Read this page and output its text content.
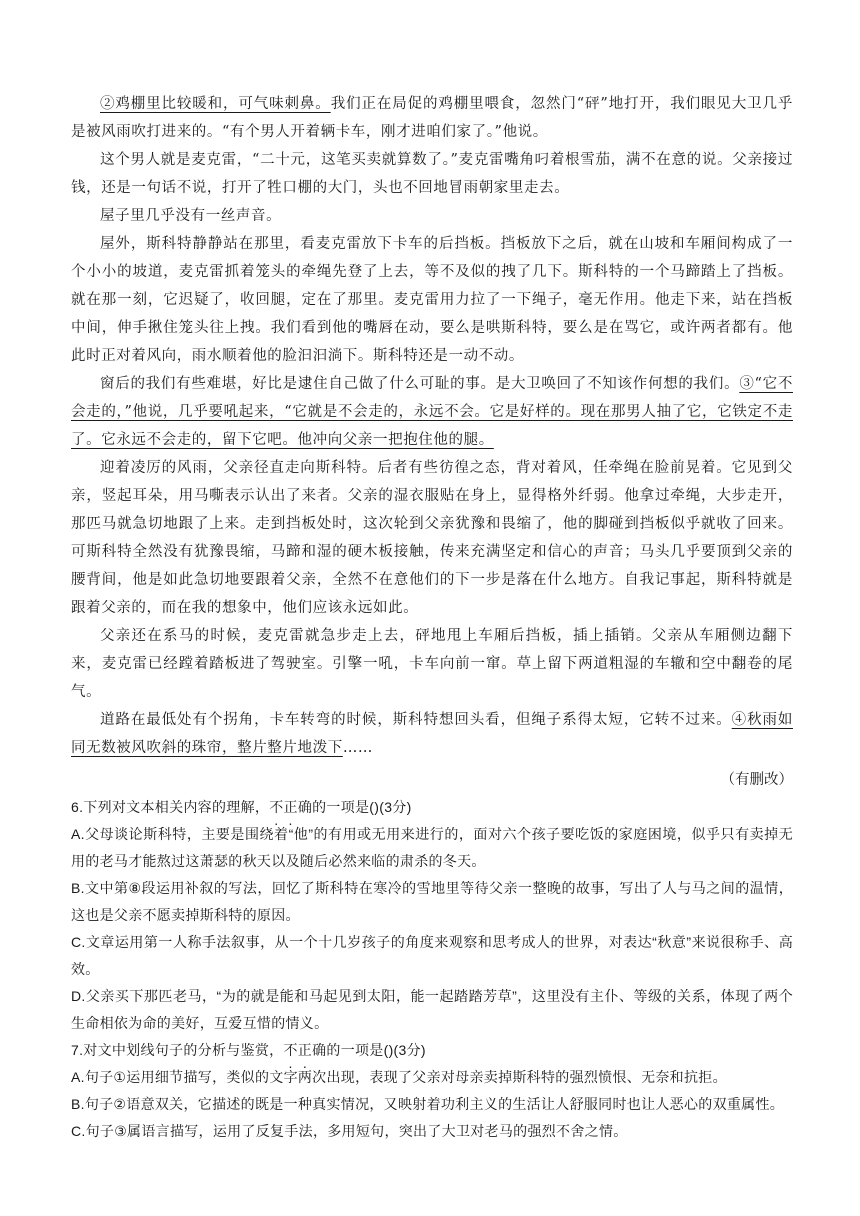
②鸡棚里比较暖和，可气味刺鼻。我们正在局促的鸡棚里喂食，忽然门“砰”地打开，我们眼见大卫几乎是被风雨吹打进来的。“有个男人开着辆卡车，刚才进咱们家了。”他说。

这个男人就是麦克雷，“二十元，这笔买卖就算数了。”麦克雷嘴角叼着根雪茄，满不在意的说。父亲接过钱，还是一句话不说，打开了牲口棚的大门，头也不回地冒雨朝家里走去。

屋子里几乎没有一丝声音。

屋外，斯科特静静站在那里，看麦克雷放下卡车的后挡板。挡板放下之后，就在山坡和车厢间构成了一个小小的坡道，麦克雷抓着笼头的牵绳先登了上去，等不及似的拽了几下。斯科特的一个马蹄踏上了挡板。就在那一刻，它迟疑了，收回腿，定在了那里。麦克雷用力拉了一下绳子，毫无作用。他走下来，站在挡板中间，伸手揪住笼头往上拽。我们看到他的嘴唇在动，要么是哄斯科特，要么是在骂它，或许两者都有。他此时正对着风向，雨水顺着他的脸汩汩淌下。斯科特还是一动不动。

窗后的我们有些难堪，好比是逮住自己做了什么可耻的事。是大卫唤回了不知该作何想的我们。③“它不会走的，”他说，几乎要吼起来，“它就是不会走的，永远不会。它是好样的。现在那男人抽了它，它铁定不走了。它永远不会走的，留下它吧。他冲向父亲一把抱住他的腿。

迎着凌厉的风雨，父亲径直走向斯科特。后者有些彷徨之态，背对着风，任牵绳在脸前晃着。它见到父亲，竖起耳朵，用马嘶表示认出了来者。父亲的湿衣服贴在身上，显得格外纤弱。他拿过牵绳，大步走开，那匹马就急切地跟了上来。走到挡板处时，这次轮到父亲犹豫和畏缩了，他的脚碰到挡板似乎就收了回来。可斯科特全然没有犹豫畏缩，马蹄和湿的硬木板接触，传来充满坚定和信心的声音；马头几乎要顶到父亲的腰背间，他是如此急切地要跟着父亲，全然不在意他们的下一步是落在什么地方。自我记事起，斯科特就是跟着父亲的，而在我的想象中，他们应该永远如此。

父亲还在系马的时候，麦克雷就急步走上去，砰地甩上车厢后挡板，插上插销。父亲从车厢侧边翻下来，麦克雷已经蹚着踏板进了驾驶室。引擎一吼，卡车向前一窜。草上留下两道粗湿的车辙和空中翻卷的尾气。

道路在最低处有个拐角，卡车转弯的时候，斯科特想回头看，但绳子系得太短，它转不过来。④秋雨如同无数被风吹斜的珠帘，整片整片地泼下……

（有删改）

6.下列对文本相关内容的理解，不正确的一项是()(3分)

A.父母谈论斯科特，主要是围绕着“他”的有用或无用来进行的，面对六个孩子要吃饭的家庭困境，似乎只有卖掉无用的老马才能熬过这萧瑟的秋天以及随后必然来临的肃杀的冬天。

B.文中第⑧段运用补叙的写法，回忆了斯科特在寒冷的雪地里等待父亲一整晚的故事，写出了人与马之间的温情，这也是父亲不愿卖掉斯科特的原因。

C.文章运用第一人称手法叙事，从一个十几岁孩子的角度来观察和思考成人的世界，对表达“秋意”来说很称手、高效。

D.父亲买下那匹老马，“为的就是能和马起见到太阳，能一起踏踏芳草”，这里没有主仆、等级的关系，体现了两个生命相依为命的美好，互爱互惜的情义。

7.对文中划线句子的分析与鉴赏，不正确的一项是()(3分)

A.句子①运用细节描写，类似的文字两次出现，表现了父亲对母亲卖掉斯科特的强烈愤恨、无奈和抗拒。

B.句子②语意双关，它描述的既是一种真实情况，又映射着功利主义的生活让人舒服同时也让人恶心的双重属性。

C.句子③属语言描写，运用了反复手法，多用短句，突出了大卫对老马的强烈不舍之情。
